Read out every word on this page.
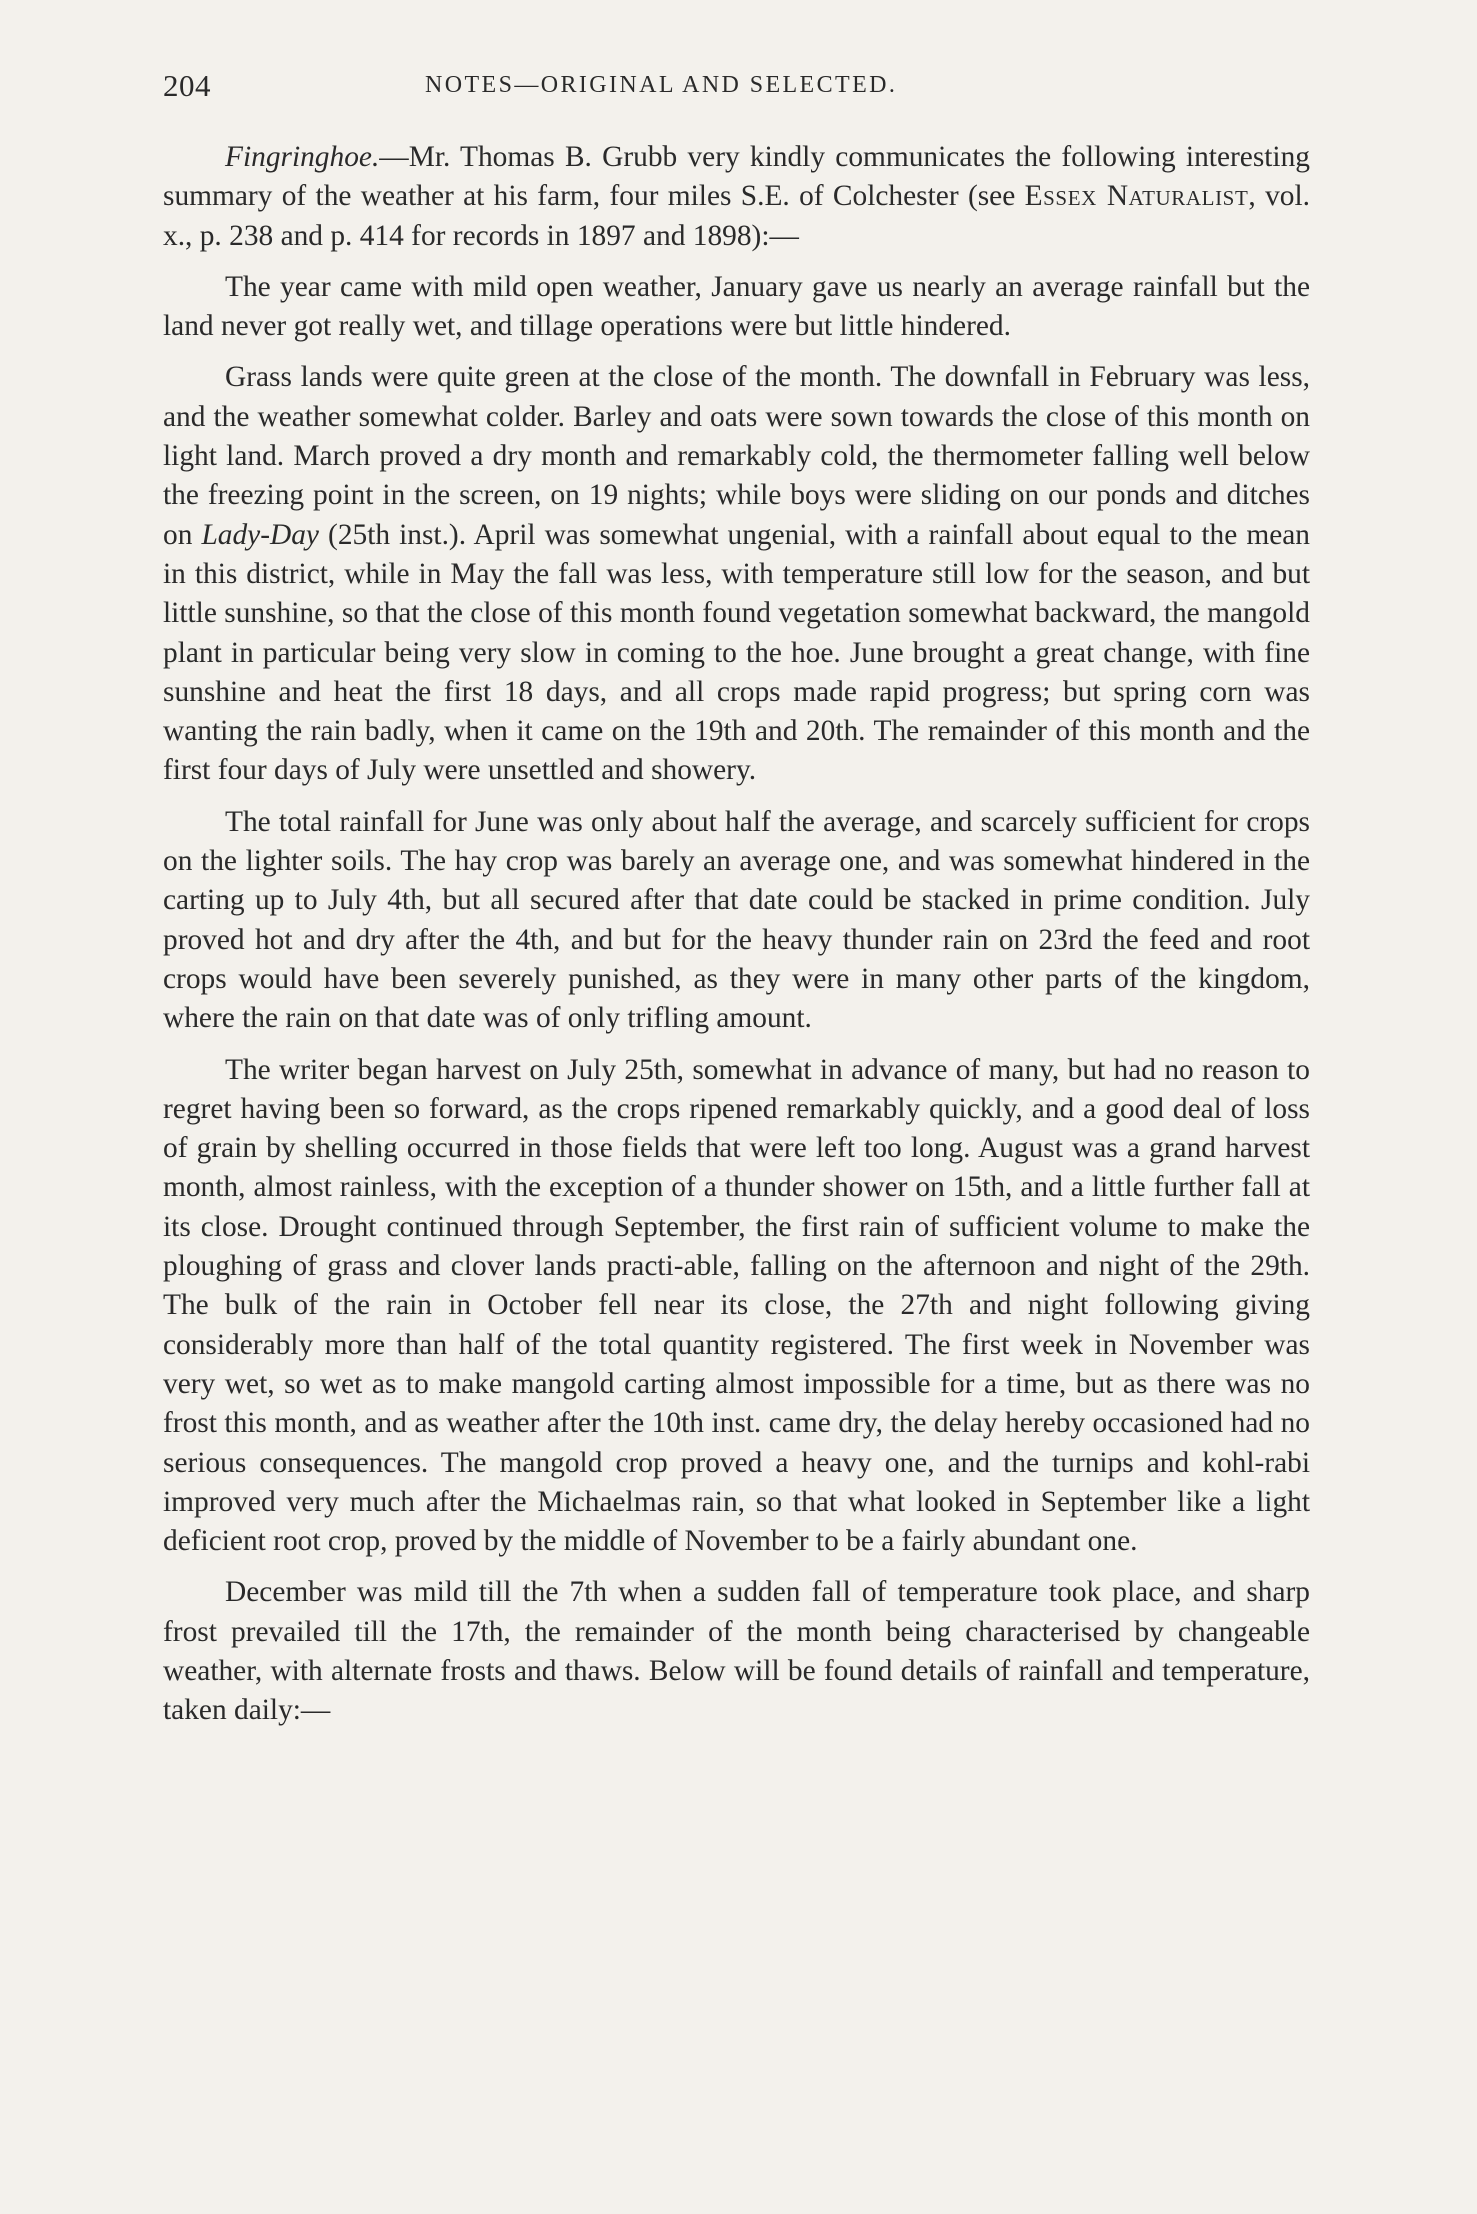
204	NOTES—ORIGINAL AND SELECTED.

Fingringhoe.—Mr. Thomas B. Grubb very kindly communicates the following interesting summary of the weather at his farm, four miles S.E. of Colchester (see Essex Naturalist, vol. x., p. 238 and p. 414 for records in 1897 and 1898):—

The year came with mild open weather, January gave us nearly an average rainfall but the land never got really wet, and tillage operations were but little hindered.

Grass lands were quite green at the close of the month. The downfall in February was less, and the weather somewhat colder. Barley and oats were sown towards the close of this month on light land. March proved a dry month and remarkably cold, the thermometer falling well below the freezing point in the screen, on 19 nights; while boys were sliding on our ponds and ditches on Lady-Day (25th inst.). April was somewhat ungenial, with a rainfall about equal to the mean in this district, while in May the fall was less, with temperature still low for the season, and but little sunshine, so that the close of this month found vegetation somewhat backward, the mangold plant in particular being very slow in coming to the hoe. June brought a great change, with fine sunshine and heat the first 18 days, and all crops made rapid progress; but spring corn was wanting the rain badly, when it came on the 19th and 20th. The remainder of this month and the first four days of July were unsettled and showery.

The total rainfall for June was only about half the average, and scarcely sufficient for crops on the lighter soils. The hay crop was barely an average one, and was somewhat hindered in the carting up to July 4th, but all secured after that date could be stacked in prime condition. July proved hot and dry after the 4th, and but for the heavy thunder rain on 23rd the feed and root crops would have been severely punished, as they were in many other parts of the kingdom, where the rain on that date was of only trifling amount.

The writer began harvest on July 25th, somewhat in advance of many, but had no reason to regret having been so forward, as the crops ripened remarkably quickly, and a good deal of loss of grain by shelling occurred in those fields that were left too long. August was a grand harvest month, almost rainless, with the exception of a thunder shower on 15th, and a little further fall at its close. Drought continued through September, the first rain of sufficient volume to make the ploughing of grass and clover lands practi-able, falling on the afternoon and night of the 29th. The bulk of the rain in October fell near its close, the 27th and night following giving considerably more than half of the total quantity registered. The first week in November was very wet, so wet as to make mangold carting almost impossible for a time, but as there was no frost this month, and as weather after the 10th inst. came dry, the delay hereby occasioned had no serious consequences. The mangold crop proved a heavy one, and the turnips and kohl-rabi improved very much after the Michaelmas rain, so that what looked in September like a light deficient root crop, proved by the middle of November to be a fairly abundant one.

December was mild till the 7th when a sudden fall of temperature took place, and sharp frost prevailed till the 17th, the remainder of the month being characterised by changeable weather, with alternate frosts and thaws. Below will be found details of rainfall and temperature, taken daily:—
